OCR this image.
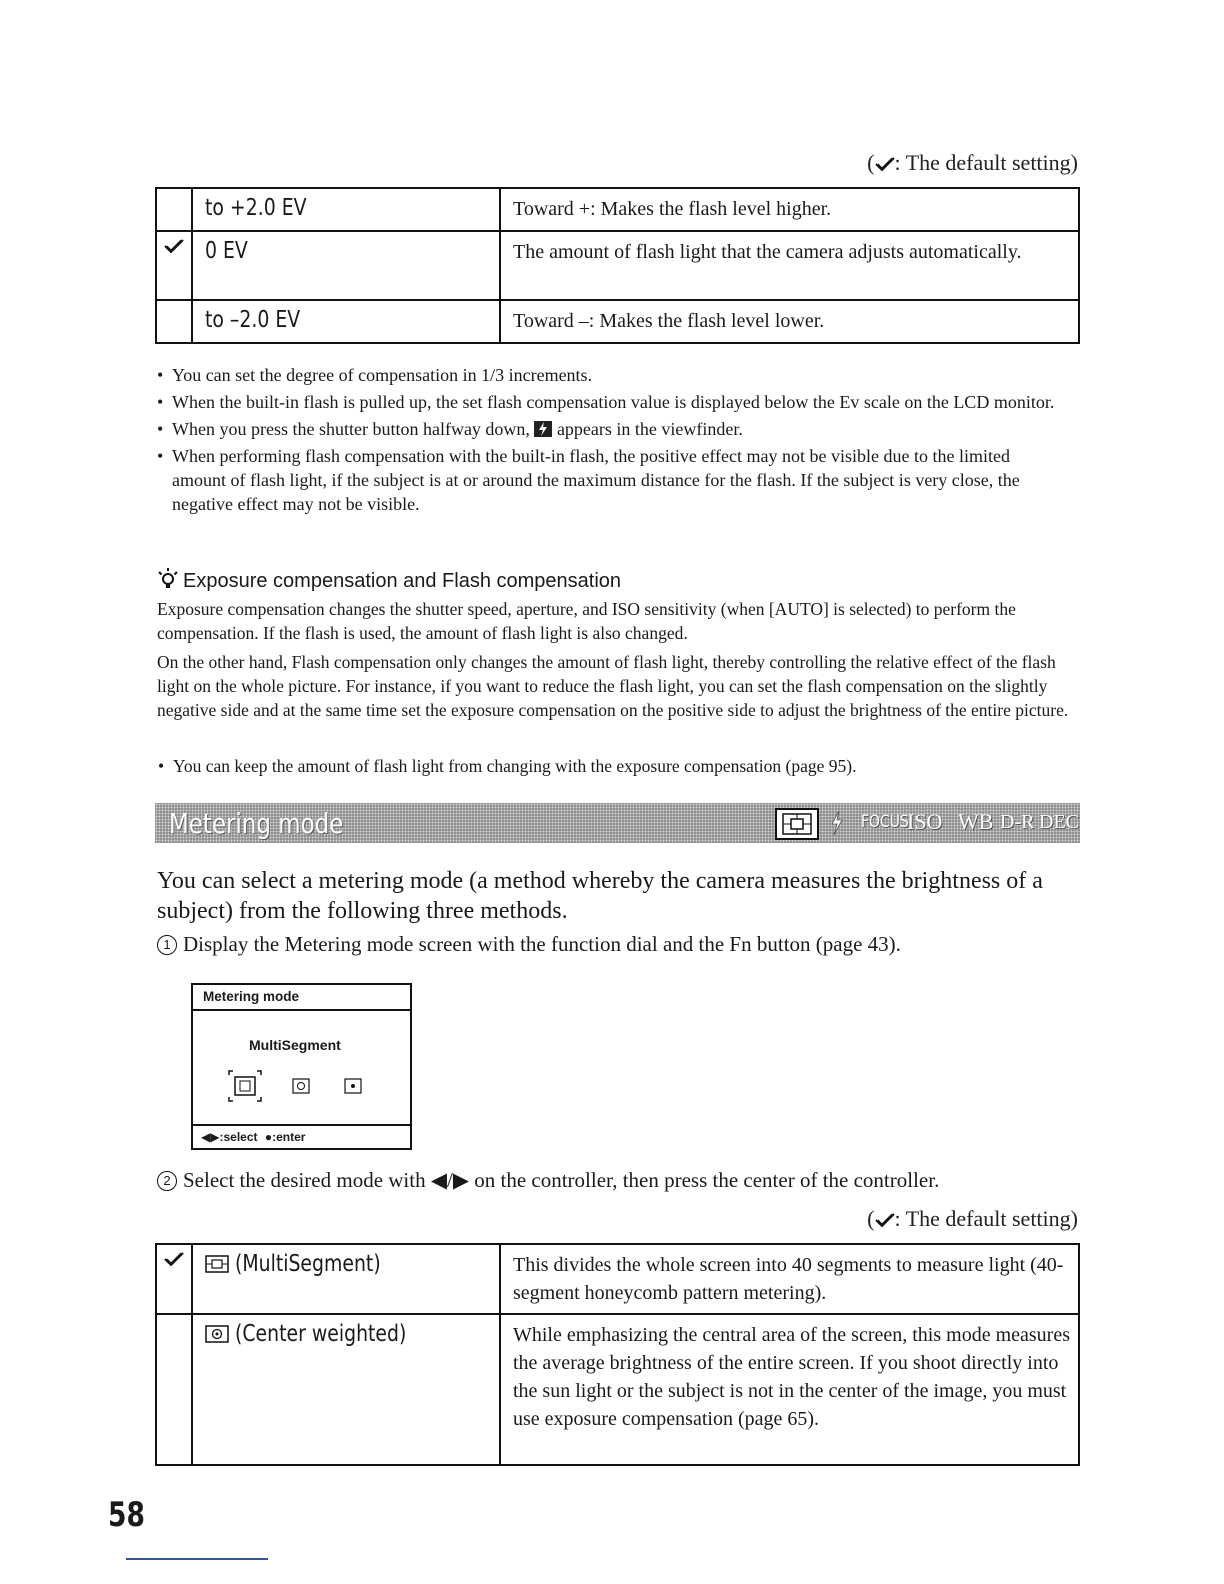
( : The default setting)
	to +2.0 EV	Toward +: Makes the flash level higher.
	0 EV	The amount of flash light that the camera adjusts automatically.
	to –2.0 EV	Toward –: Makes the flash level lower.
• You can set the degree of compensation in 1/3 increments.
• When the built-in flash is pulled up, the set flash compensation value is displayed below the Ev scale on the LCD monitor.
• When you press the shutter button halfway down, appears in the viewfinder.
• When performing flash compensation with the built-in flash, the positive effect may not be visible due to the limited amount of flash light, if the subject is at or around the maximum distance for the flash. If the subject is very close, the negative effect may not be visible.
Exposure compensation and Flash compensation

Exposure compensation changes the shutter speed, aperture, and ISO sensitivity (when [AUTO] is selected) to perform the compensation. If the flash is used, the amount of flash light is also changed.

On the other hand, Flash compensation only changes the amount of flash light, thereby controlling the relative effect of the flash light on the whole picture. For instance, if you want to reduce the flash light, you can set the flash compensation on the slightly negative side and at the same time set the exposure compensation on the positive side to adjust the brightness of the entire picture.

• You can keep the amount of flash light from changing with the exposure compensation (page 95).
Metering mode	FOCUS
ISO WB D-R DEC

You can select a metering mode (a method whereby the camera measures the brightness of a subject) from the following three methods.

1 Display the Metering mode screen with the function dial and the Fn button (page 43).
Metering mode
MultiSegment
◀▶:select ●:enter
2 Select the desired mode with ◀/▶ on the controller, then press the center of the controller.
( : The default setting)
	(MultiSegment)	This divides the whole screen into 40 segments to measure light (40-segment honeycomb pattern metering).
	(Center weighted)	While emphasizing the central area of the screen, this mode measures the average brightness of the entire screen. If you shoot directly into the sun light or the subject is not in the center of the image, you must use exposure compensation (page 65).
58
